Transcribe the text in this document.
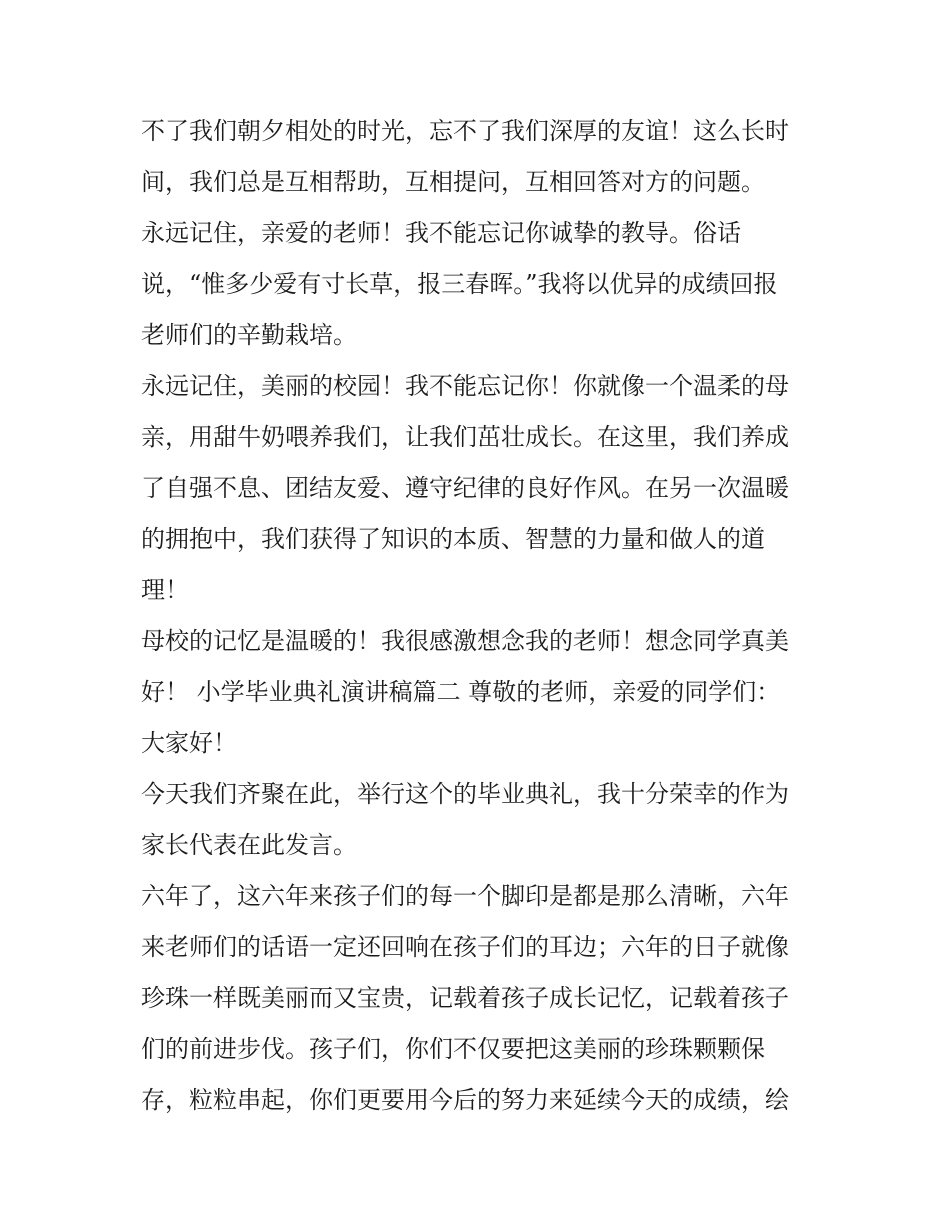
不了我们朝夕相处的时光，忘不了我们深厚的友谊！这么长时
间，我们总是互相帮助，互相提问，互相回答对方的问题。
永远记住，亲爱的老师！我不能忘记你诚挚的教导。俗话
说，“惟多少爱有寸长草，报三春晖。”我将以优异的成绩回报
老师们的辛勤栽培。
永远记住，美丽的校园！我不能忘记你！你就像一个温柔的母
亲，用甜牛奶喂养我们，让我们茁壮成长。在这里，我们养成
了自强不息、团结友爱、遵守纪律的良好作风。在另一次温暖
的拥抱中，我们获得了知识的本质、智慧的力量和做人的道
理！
母校的记忆是温暖的！我很感激想念我的老师！想念同学真美
好！ 小学毕业典礼演讲稿篇二 尊敬的老师，亲爱的同学们：
大家好！
今天我们齐聚在此，举行这个的毕业典礼，我十分荣幸的作为
家长代表在此发言。
六年了，这六年来孩子们的每一个脚印是都是那么清晰，六年
来老师们的话语一定还回响在孩子们的耳边；六年的日子就像
珍珠一样既美丽而又宝贵，记载着孩子成长记忆，记载着孩子
们的前进步伐。孩子们，你们不仅要把这美丽的珍珠颗颗保
存，粒粒串起，你们更要用今后的努力来延续今天的成绩，绘
